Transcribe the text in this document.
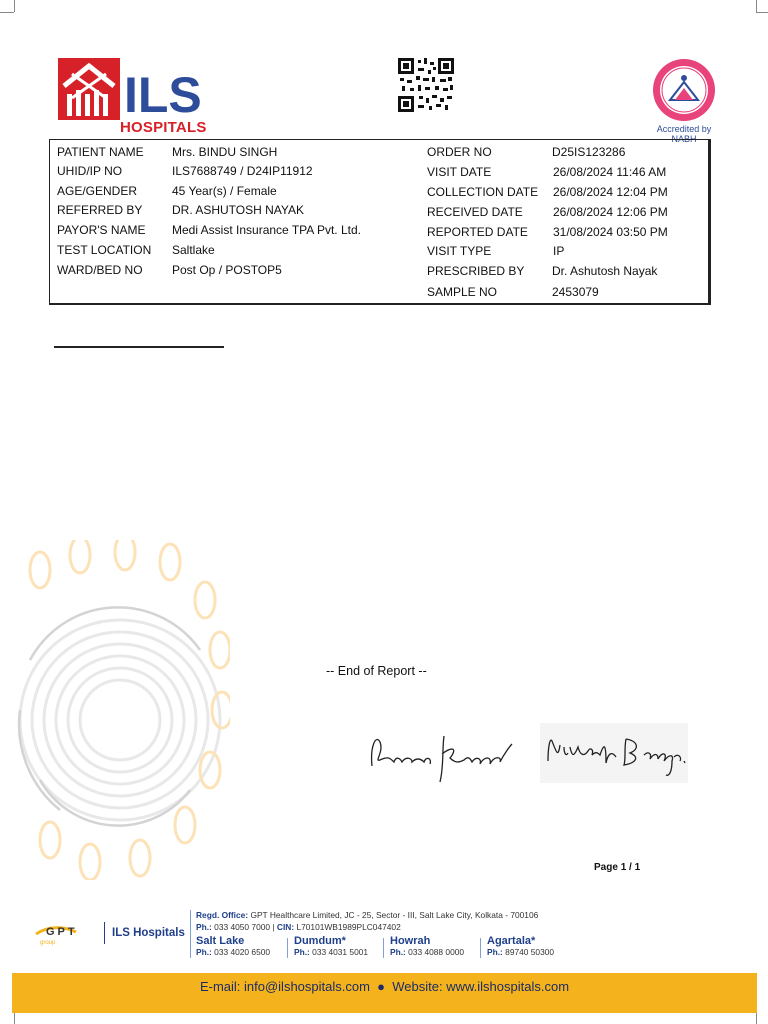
ILS
HOSPITALS	Accredited by NABH
PATIENT NAME Mrs. BINDU SINGH
UHID/IP NO	ILS7688749 / D24IP11912
AGE/GENDER	45 Year(s) / Female
REFERRED BY DR. ASHUTOSH NAYAK
PAYOR'S NAME Medi Assist Insurance TPA Pvt. Ltd.
TEST LOCATION Saltlake
WARD/BED NO Post Op / POSTOP5
ORDER NO	D25IS123286
VISIT DATE	26/08/2024 11:46 AM
COLLECTION DATE 26/08/2024 12:04 PM
RECEIVED DATE	26/08/2024 12:06 PM
REPORTED DATE 31/08/2024 03:50 PM
VISIT TYPE	IP
PRESCRIBED BY Dr. Ashutosh Nayak
SAMPLE NO	2453079
-- End of Report --
Page 1 / 1
GPT
group
ILS Hospitals
Regd. Office: GPT Healthcare Limited, JC - 25, Sector - III, Salt Lake City, Kolkata - 700106
Ph.: 033 4050 7000 | CIN: L70101WB1989PLC047402
Salt Lake
Ph.: 033 4020 6500
Dumdum*
Ph.: 033 4031 5001
Howrah
Ph.: 033 4088 0000
Agartala*
Ph.: 89740 50300
E-mail: info@ilshospitals.com  ●  Website: www.ilshospitals.com
